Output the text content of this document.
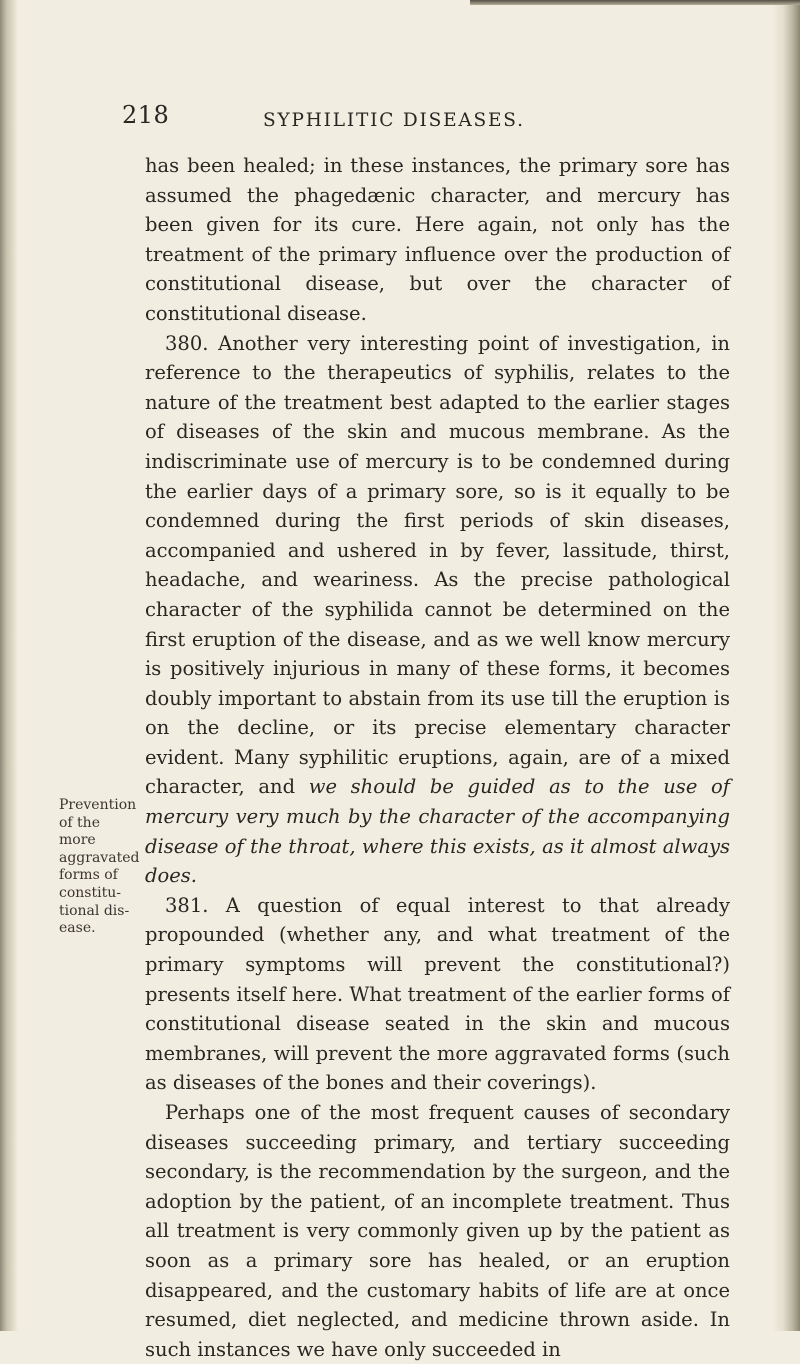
218	SYPHILITIC DISEASES.
Prevention
of the more
aggravated
forms of
constitu-
tional dis-
ease.

has been healed; in these instances, the primary sore has assumed the phagedænic character, and mercury has been given for its cure. Here again, not only has the treatment of the primary influence over the production of constitutional disease, but over the character of constitutional disease.

380. Another very interesting point of investigation, in reference to the therapeutics of syphilis, relates to the nature of the treatment best adapted to the earlier stages of diseases of the skin and mucous membrane. As the indiscriminate use of mercury is to be condemned during the earlier days of a primary sore, so is it equally to be condemned during the first periods of skin diseases, accompanied and ushered in by fever, lassitude, thirst, headache, and weariness. As the precise pathological character of the syphilida cannot be determined on the first eruption of the disease, and as we well know mercury is positively injurious in many of these forms, it becomes doubly important to abstain from its use till the eruption is on the decline, or its precise elementary character evident. Many syphilitic eruptions, again, are of a mixed character, and we should be guided as to the use of mercury very much by the character of the accompanying disease of the throat, where this exists, as it almost always does.

381. A question of equal interest to that already propounded (whether any, and what treatment of the primary symptoms will prevent the constitutional?) presents itself here. What treatment of the earlier forms of constitutional disease seated in the skin and mucous membranes, will prevent the more aggravated forms (such as diseases of the bones and their coverings).

Perhaps one of the most frequent causes of secondary diseases succeeding primary, and tertiary succeeding secondary, is the recommendation by the surgeon, and the adoption by the patient, of an incomplete treatment. Thus all treatment is very commonly given up by the patient as soon as a primary sore has healed, or an eruption disappeared, and the customary habits of life are at once resumed, diet neglected, and medicine thrown aside. In such instances we have only succeeded in
